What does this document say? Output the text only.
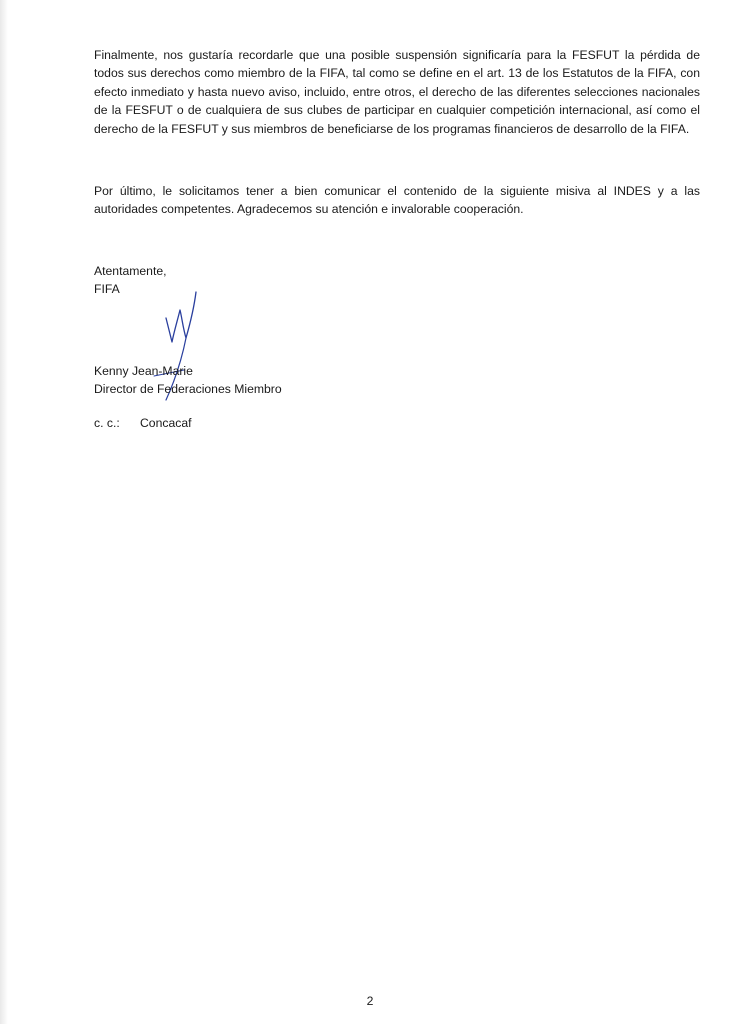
Finalmente, nos gustaría recordarle que una posible suspensión significaría para la FESFUT la pérdida de todos sus derechos como miembro de la FIFA, tal como se define en el art. 13 de los Estatutos de la FIFA, con efecto inmediato y hasta nuevo aviso, incluido, entre otros, el derecho de las diferentes selecciones nacionales de la FESFUT o de cualquiera de sus clubes de participar en cualquier competición internacional, así como el derecho de la FESFUT y sus miembros de beneficiarse de los programas financieros de desarrollo de la FIFA.

Por último, le solicitamos tener a bien comunicar el contenido de la siguiente misiva al INDES y a las autoridades competentes. Agradecemos su atención e invalorable cooperación.

Atentamente,
FIFA
Kenny Jean-Marie
Director de Federaciones Miembro
c. c.:	Concacaf
2
